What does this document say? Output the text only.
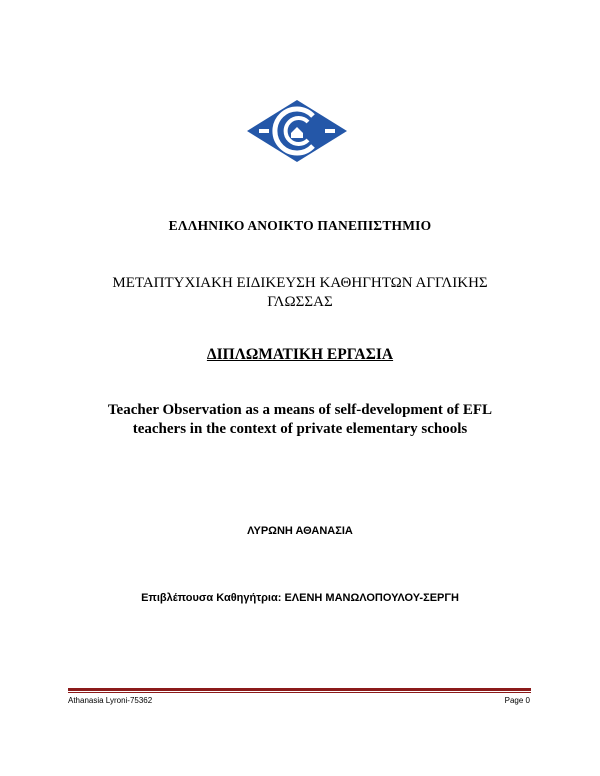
ΕΛΛΗΝΙΚΟ ΑΝΟΙΚΤΟ ΠΑΝΕΠΙΣΤΗΜΙΟ
ΜΕΤΑΠΤΥΧΙΑΚΗ ΕΙΔΙΚΕΥΣΗ ΚΑΘΗΓΗΤΩΝ ΑΓΓΛΙΚΗΣ ΓΛΩΣΣΑΣ
ΔΙΠΛΩΜΑΤΙΚΗ ΕΡΓΑΣΙΑ
Teacher Observation as a means of self-development of EFL teachers in the context of private elementary schools
ΛΥΡΩΝΗ ΑΘΑΝΑΣΙΑ
Επιβλέπουσα Καθηγήτρια: ΕΛΕΝΗ ΜΑΝΩΛΟΠΟΥΛΟΥ-ΣΕΡΓΗ
Athanasia Lyroni-75362	Page 0
